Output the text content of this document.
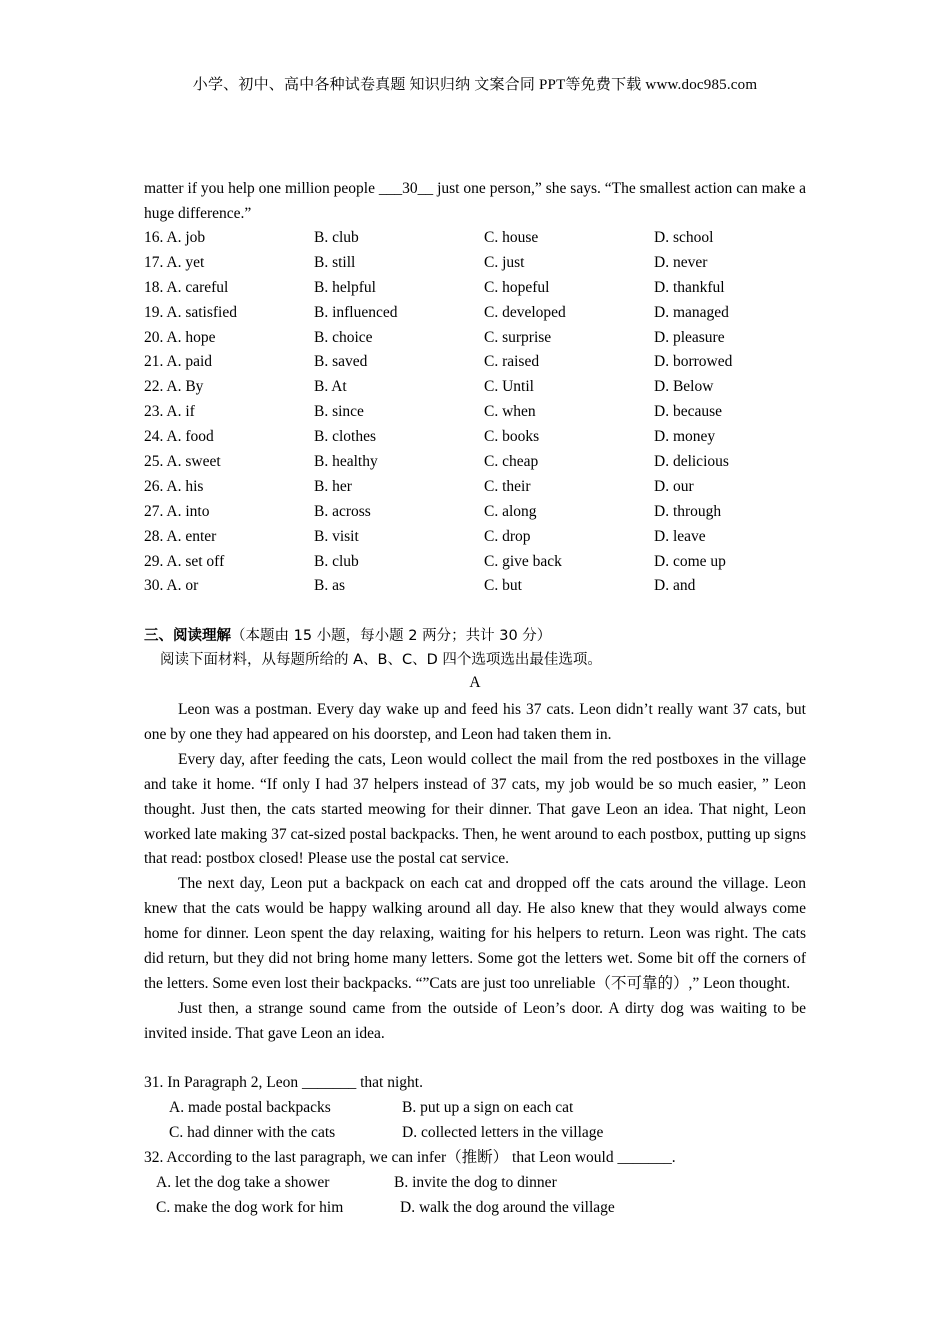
小学、初中、高中各种试卷真题 知识归纳 文案合同 PPT等免费下载 www.doc985.com
matter if you help one million people ___30__ just one person,” she says. “The smallest action can make a huge difference.”
16. A. job	B. club	C. house	D. school
17. A. yet	B. still	C. just	D. never
18. A. careful	B. helpful	C. hopeful	D. thankful
19. A. satisfied	B. influenced	C. developed	D. managed
20. A. hope	B. choice	C. surprise	D. pleasure
21. A. paid	B. saved	C. raised	D. borrowed
22. A. By	B. At	C. Until	D. Below
23. A. if	B. since	C. when	D. because
24. A. food	B. clothes	C. books	D. money
25. A. sweet	B. healthy	C. cheap	D. delicious
26. A. his	B. her	C. their	D. our
27. A. into	B. across	C. along	D. through
28. A. enter	B. visit	C. drop	D. leave
29. A. set off	B. club	C. give back	D. come up
30. A. or	B. as	C. but	D. and
三、阅读理解（本题由 15 小题，每小题 2 两分；共计 30 分）
阅读下面材料，从每题所给的 A、B、C、D 四个选项选出最佳选项。
A

Leon was a postman. Every day wake up and feed his 37 cats. Leon didn’t really want 37 cats, but one by one they had appeared on his doorstep, and Leon had taken them in.

Every day, after feeding the cats, Leon would collect the mail from the red postboxes in the village and take it home. “If only I had 37 helpers instead of 37 cats, my job would be so much easier, ” Leon thought. Just then, the cats started meowing for their dinner. That gave Leon an idea. That night, Leon worked late making 37 cat-sized postal backpacks. Then, he went around to each postbox, putting up signs that read: postbox closed! Please use the postal cat service.

The next day, Leon put a backpack on each cat and dropped off the cats around the village. Leon knew that the cats would be happy walking around all day. He also knew that they would always come home for dinner. Leon spent the day relaxing, waiting for his helpers to return. Leon was right. The cats did return, but they did not bring home many letters. Some got the letters wet. Some bit off the corners of the letters. Some even lost their backpacks. “”Cats are just too unreliable（不可靠的）,” Leon thought.

Just then, a strange sound came from the outside of Leon’s door. A dirty dog was waiting to be invited inside. That gave Leon an idea.

31. In Paragraph 2, Leon _______ that night.
A. made postal backpacks	B. put up a sign on each cat
C. had dinner with the cats	D. collected letters in the village
32. According to the last paragraph, we can infer（推断） that Leon would _______.
A. let the dog take a shower	B. invite the dog to dinner
C. make the dog work for him	D. walk the dog around the village
